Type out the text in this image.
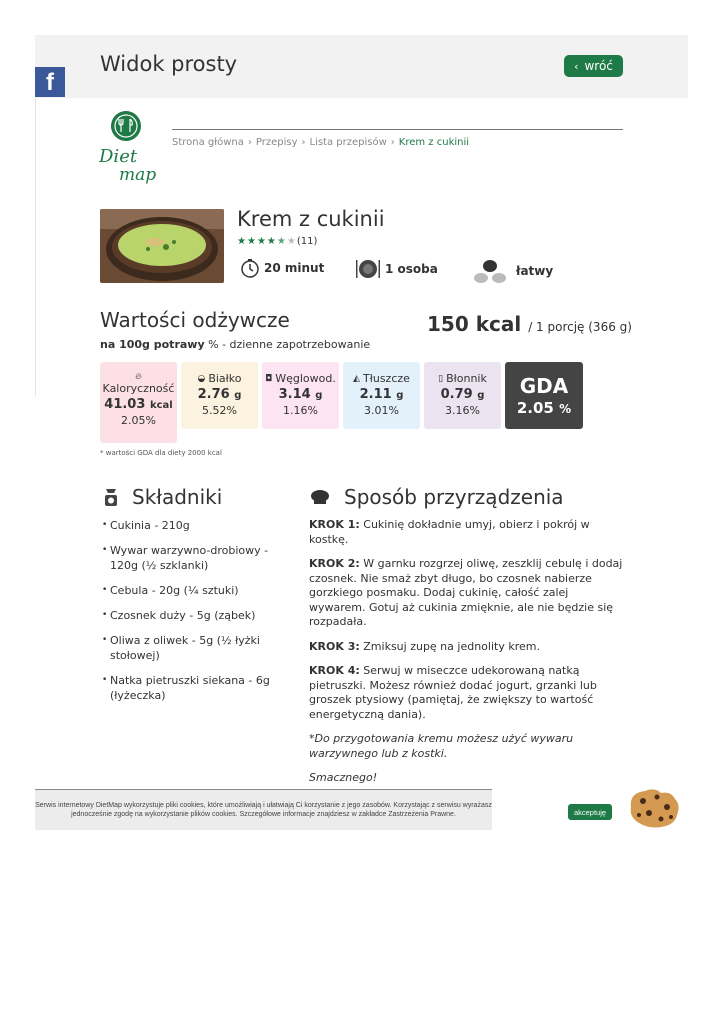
Widok prosty	‹ wróć
f
Diet
map
Strona główna › Przepisy › Lista przepisów › Krem z cukinii
Krem z cukinii
★ ★ ★ ★ ★ ★ (11)
20 minut	1 osoba	łatwy
Wartości odżywcze	150 kcal / 1 porcję (366 g)
na 100g potrawy % - dzienne zapotrzebowanie
🔥︎
Kaloryczność
41.03 kcal
2.05%
◒ Białko
2.76 g
5.52%
◘ Węglowod.
3.14 g
1.16%
◭ Tłuszcze
2.11 g
3.01%
▯ Błonnik
0.79 g
3.16%
GDA
2.05 %
* wartości GDA dla diety 2000 kcal
Składniki
• Cukinia - 210g
• Wywar warzywno-drobiowy - 120g (½ szklanki)
• Cebula - 20g (¼ sztuki)
• Czosnek duży - 5g (ząbek)
• Oliwa z oliwek - 5g (½ łyżki stołowej)
• Natka pietruszki siekana - 6g (łyżeczka)
Sposób przyrządzenia

KROK 1: Cukinię dokładnie umyj, obierz i pokrój w kostkę.

KROK 2: W garnku rozgrzej oliwę, zeszklij cebulę i dodaj czosnek. Nie smaż zbyt długo, bo czosnek nabierze gorzkiego posmaku. Dodaj cukinię, całość zalej wywarem. Gotuj aż cukinia zmięknie, ale nie będzie się rozpadała.

KROK 3: Zmiksuj zupę na jednolity krem.

KROK 4: Serwuj w miseczce udekorowaną natką pietruszki. Możesz również dodać jogurt, grzanki lub groszek ptysiowy (pamiętaj, że zwiększy to wartość energetyczną dania).

*Do przygotowania kremu możesz użyć wywaru warzywnego lub z kostki.

Smacznego!

Serwis internetowy DietMap wykorzystuje pliki cookies, które umożliwiają i ułatwiają Ci korzystanie z jego zasobów. Korzystając z serwisu wyrażasz jednocześnie zgodę na wykorzystanie plików cookies. Szczegółowe informacje znajdziesz w zakładce Zastrzeżenia Prawne.	akceptuję
